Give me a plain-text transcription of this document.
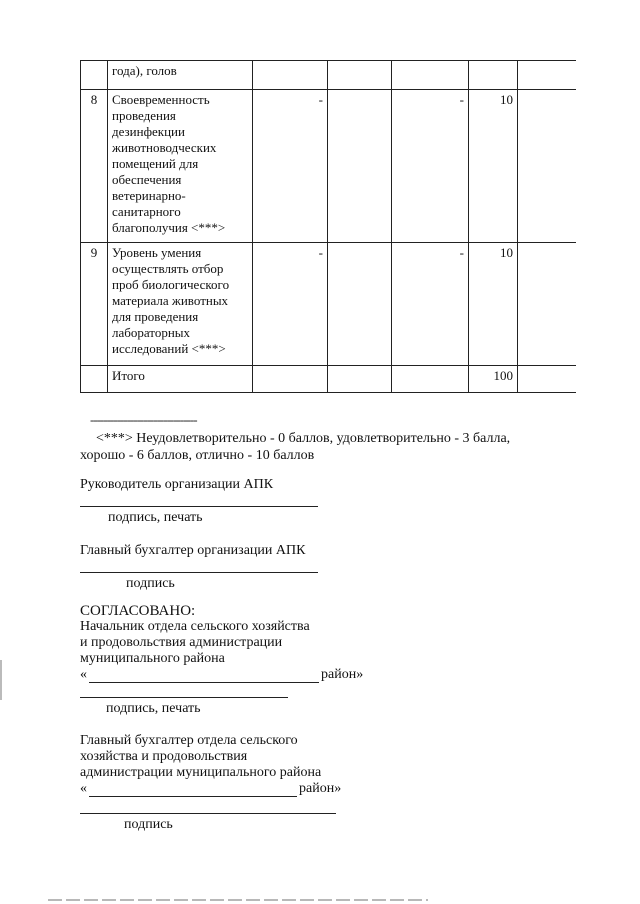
	года), голов					
8	Своевременность проведения дезинфекции животноводческих помещений для обеспечения ветеринарно-санитарного благополучия <***>	-		-	10	
9	Уровень умения осуществлять отбор проб биологического материала животных для проведения лабораторных исследований <***>	-		-	10	
	Итого				100	
--------------------------------
<***> Неудовлетворительно - 0 баллов, удовлетворительно - 3 балла,
хорошо - 6 баллов, отлично - 10 баллов
Руководитель организации АПК
подпись, печать
Главный бухгалтер организации АПК
подпись
СОГЛАСОВАНО:
Начальник отдела сельского хозяйства
и продовольствия администрации
муниципального района
«	район»
подпись, печать
Главный бухгалтер отдела сельского
хозяйства и продовольствия
администрации муниципального района
«	район»
подпись
